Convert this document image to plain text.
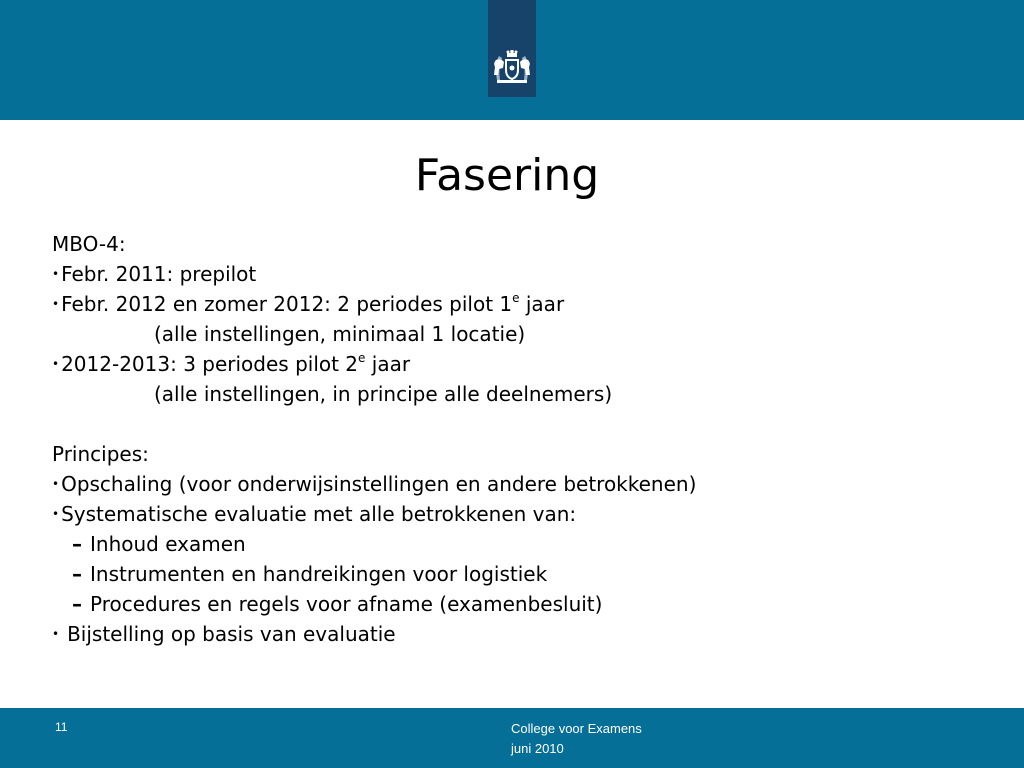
Fasering
MBO-4:
• Febr. 2011: prepilot
• Febr. 2012 en zomer 2012: 2 periodes pilot 1e jaar
(alle instellingen, minimaal 1 locatie)
• 2012-2013: 3 periodes pilot 2e jaar
(alle instellingen, in principe alle deelnemers)
Principes:
• Opschaling (voor onderwijsinstellingen en andere betrokkenen)
• Systematische evaluatie met alle betrokkenen van:
– Inhoud examen
– Instrumenten en handreikingen voor logistiek
– Procedures en regels voor afname (examenbesluit)
• Bijstelling op basis van evaluatie
11	College voor Examens
juni 2010
